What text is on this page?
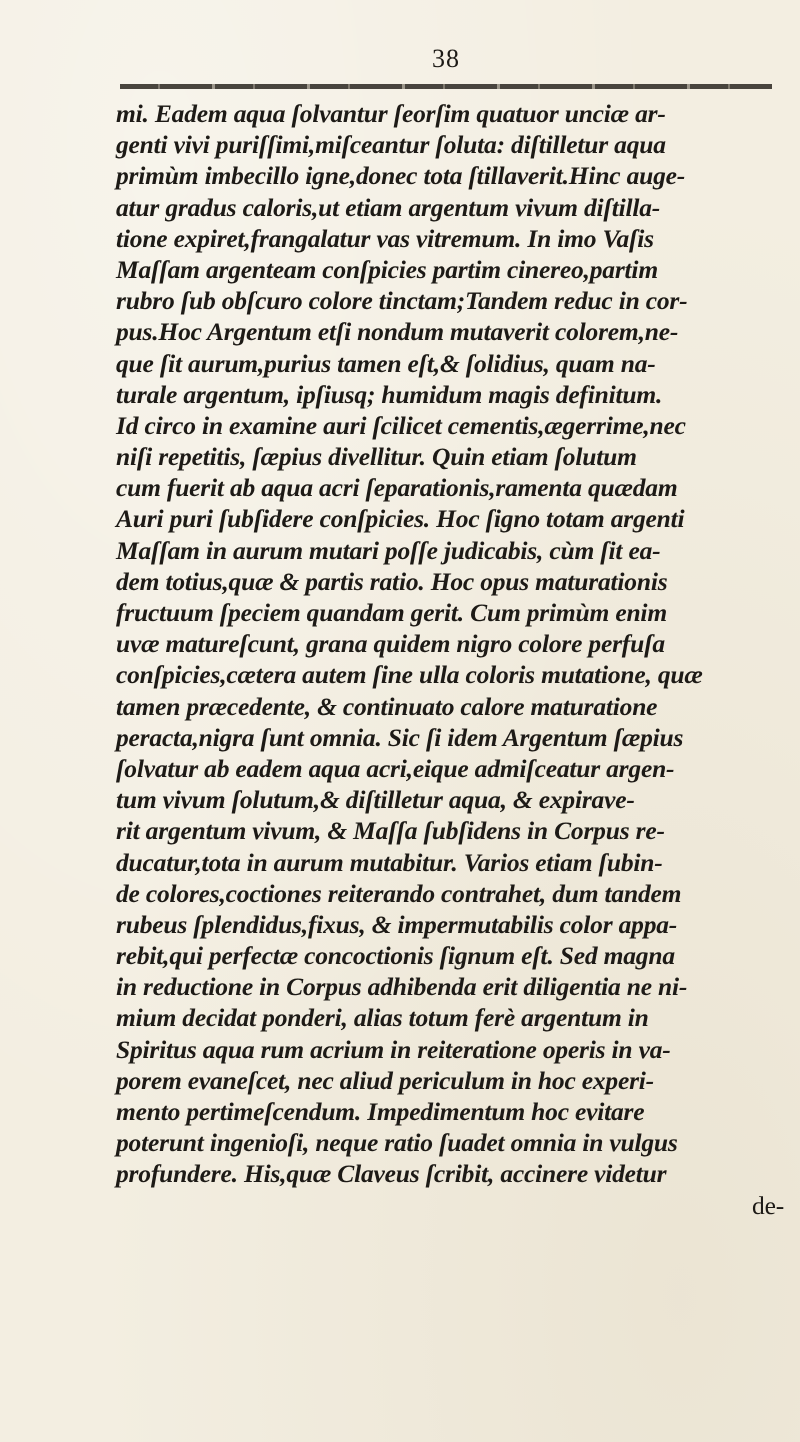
38
mi. Eadem aqua ſolvantur ſeorſim quatuor unciæ ar-
genti vivi puriſſimi,miſceantur ſoluta: diſtilletur aqua
primùm imbecillo igne,donec tota ſtillaverit.Hinc auge-
atur gradus caloris,ut etiam argentum vivum diſtilla-
tione expiret,frangalatur vas vitremum. In imo Vaſis
Maſſam argenteam conſpicies partim cinereo,partim
rubro ſub obſcuro colore tinctam;Tandem reduc in cor-
pus.Hoc Argentum etſi nondum mutaverit colorem,ne-
que ſit aurum,purius tamen eſt,& ſolidius, quam na-
turale argentum, ipſiusq; humidum magis definitum.
Id circo in examine auri ſcilicet cementis,ægerrime,nec
niſi repetitis, ſæpius divellitur. Quin etiam ſolutum
cum fuerit ab aqua acri ſeparationis,ramenta quædam
Auri puri ſubſidere conſpicies. Hoc ſigno totam argenti
Maſſam in aurum mutari poſſe judicabis, cùm ſit ea-
dem totius,quæ & partis ratio. Hoc opus maturationis
fructuum ſpeciem quandam gerit. Cum primùm enim
uvæ matureſcunt, grana quidem nigro colore perfuſa
conſpicies,cætera autem ſine ulla coloris mutatione, quæ
tamen præcedente, & continuato calore maturatione
peracta,nigra ſunt omnia. Sic ſi idem Argentum ſæpius
ſolvatur ab eadem aqua acri,eique admiſceatur argen-
tum vivum ſolutum,& diſtilletur aqua, & expirave-
rit argentum vivum, & Maſſa ſubſidens in Corpus re-
ducatur,tota in aurum mutabitur. Varios etiam ſubin-
de colores,coctiones reiterando contrahet, dum tandem
rubeus ſplendidus,fixus, & impermutabilis color appa-
rebit,qui perfectæ concoctionis ſignum eſt. Sed magna
in reductione in Corpus adhibenda erit diligentia ne ni-
mium decidat ponderi, alias totum ferè argentum in
Spiritus aqua rum acrium in reiteratione operis in va-
porem evaneſcet, nec aliud periculum in hoc experi-
mento pertimeſcendum. Impedimentum hoc evitare
poterunt ingenioſi, neque ratio ſuadet omnia in vulgus
profundere. His,quæ Claveus ſcribit, accinere videtur
de-
